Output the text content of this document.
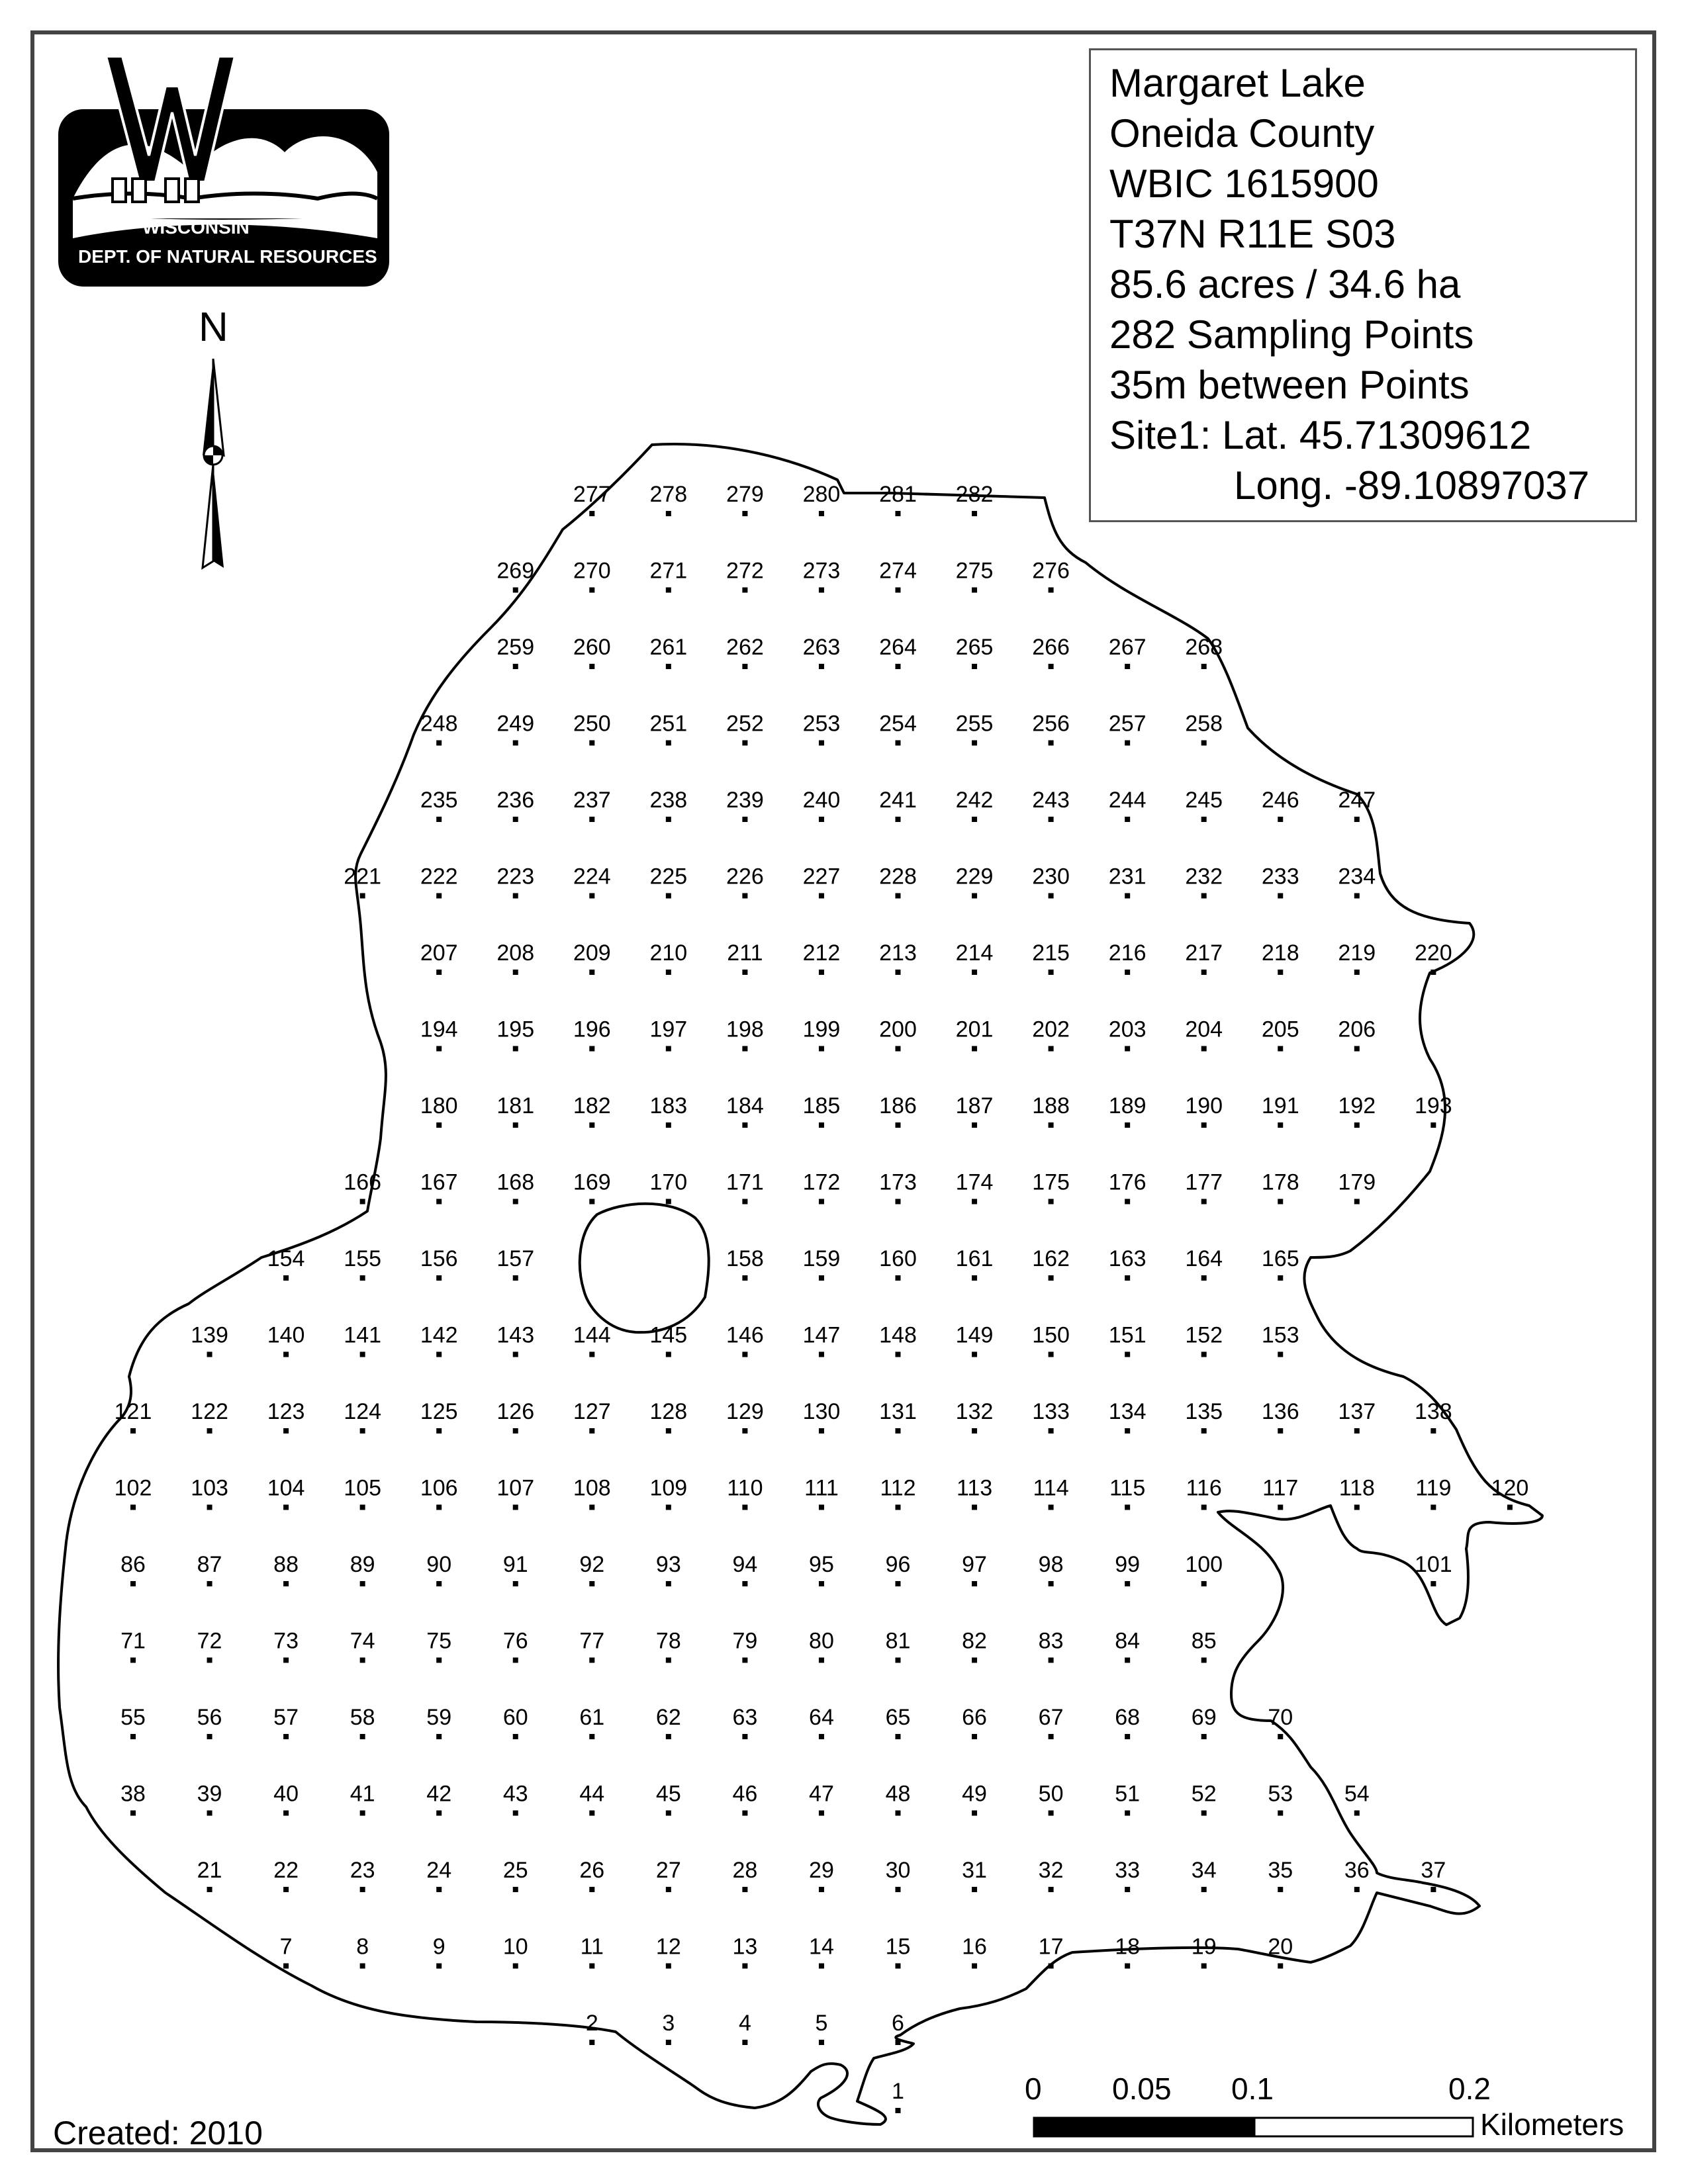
WISCONSIN
DEPT. OF NATURAL RESOURCES
N
277 278 279 280 281 282
269 270 271 272 273 274 275 276
259 260 261 262 263 264 265 266 267 268
248 249 250 251 252 253 254 255 256 257 258
235 236 237 238 239 240 241 242 243 244 245 246 247
221 222 223 224 225 226 227 228 229 230 231 232 233 234
207 208 209 210 211 212 213 214 215 216 217 218 219 220
194 195 196 197 198 199 200 201 202 203 204 205 206
180 181 182 183 184 185 186 187 188 189 190 191 192 193
166 167 168 169 170 171 172 173 174 175 176 177 178 179
154 155 156 157	158 159 160 161 162 163 164 165
139 140 141 142 143 144 145 146 147 148 149 150 151 152 153
121 122 123 124 125 126 127 128 129 130 131 132 133 134 135 136 137 138
102 103 104 105 106 107 108 109 110 111 112 113 114 115 116 117 118 119 120
86 87 88 89 90 91 92 93 94 95 96 97 98 99 100	101
71 72 73 74 75 76 77 78 79 80 81 82 83 84 85
55 56 57 58 59 60 61 62 63 64 65 66 67 68 69 70
38 39 40 41 42 43 44 45 46 47 48 49 50 51 52 53 54
21 22 23 24 25 26 27 28 29 30 31 32 33 34 35 36 37
7	8	9	10 11 12 13 14 15 16 17 18 19 20
2	3	4	5	6
1	0 0.05 0.1	0.2
Kilometers
Margaret Lake
Oneida County
WBIC 1615900
T37N R11E S03
85.6 acres / 34.6 ha
282 Sampling Points
35m between Points
Site1: Lat. 45.71309612
Long. -89.10897037
Created: 2010
